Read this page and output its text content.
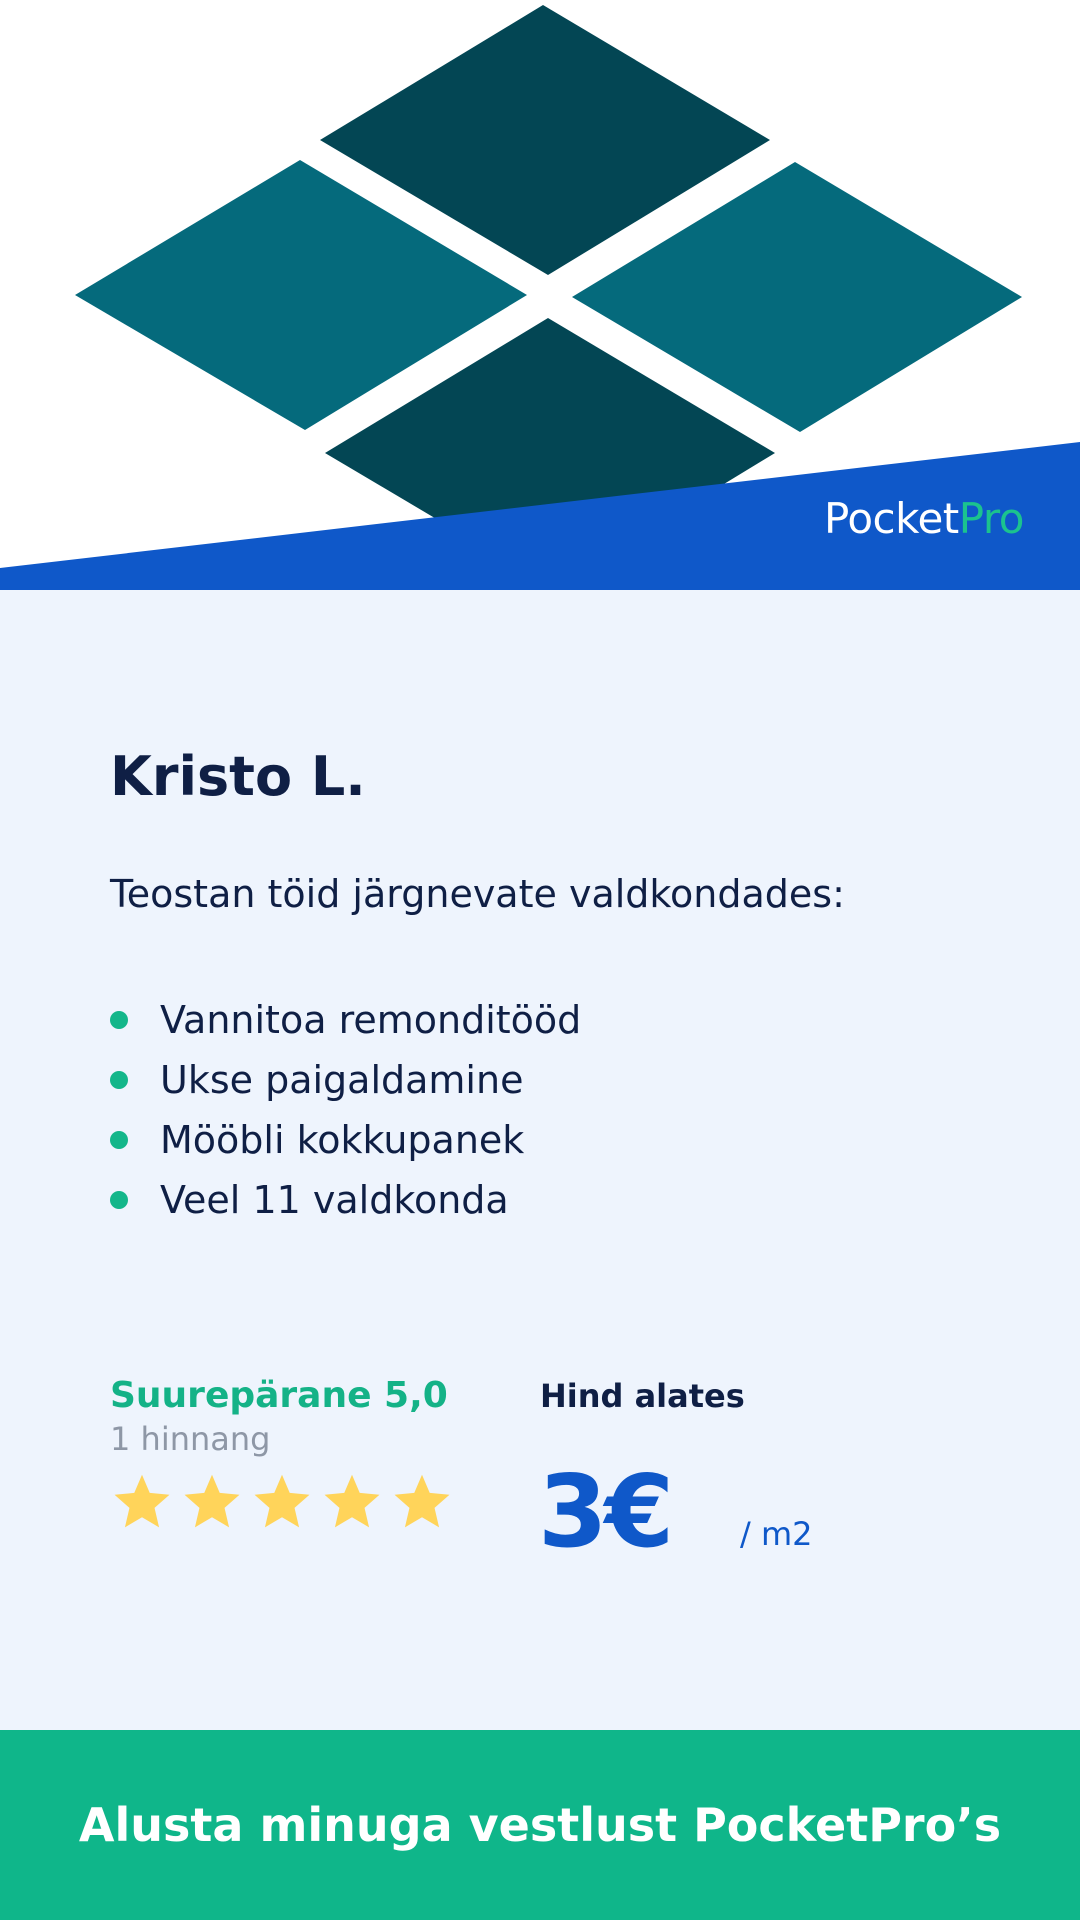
PocketPro
Kristo L.

Teostan töid järgnevate valdkondades:

Vannitoa remonditööd
Ukse paigaldamine
Mööbli kokkupanek
Veel 11 valdkonda
Suurepärane 5,0
1 hinnang
Hind alates
3€ / m2
Alusta minuga vestlust PocketPro’s
